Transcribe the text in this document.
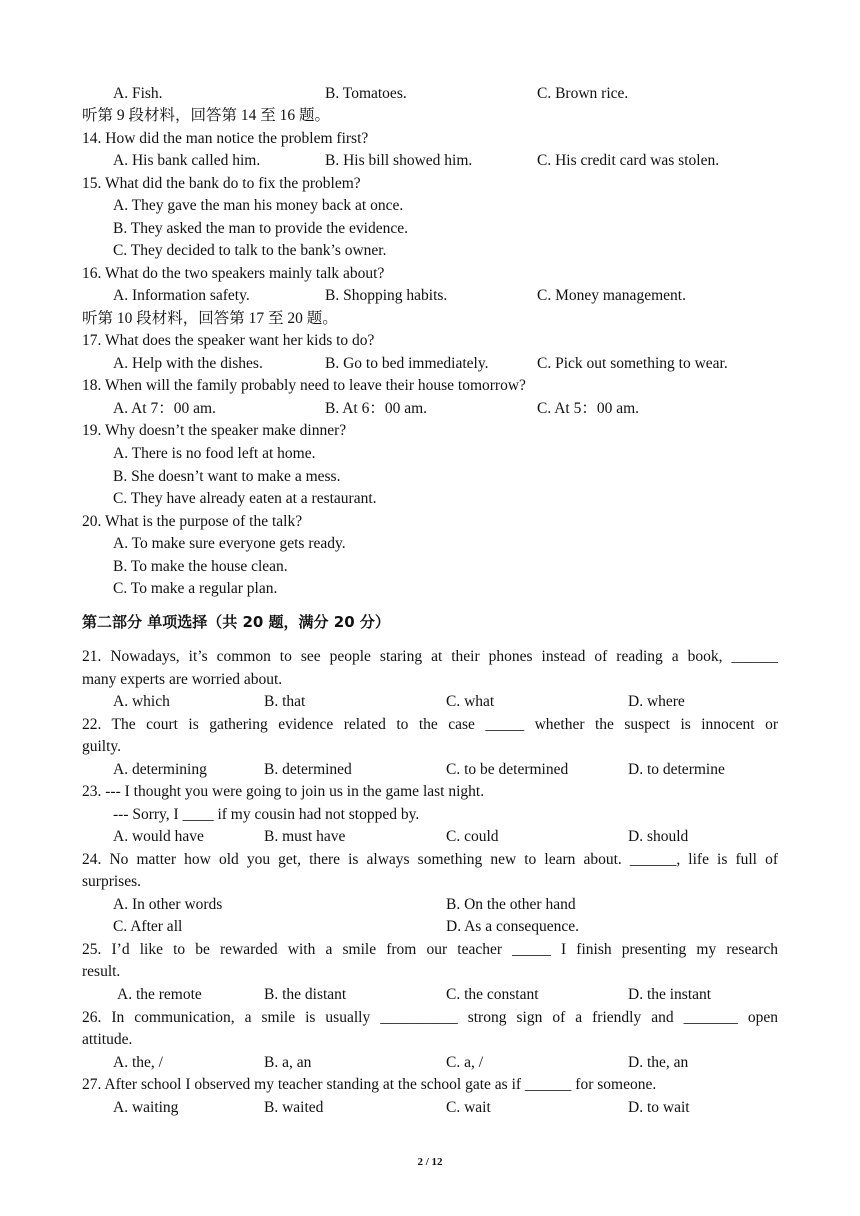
A. Fish.	B. Tomatoes.	C. Brown rice.
听第 9 段材料，回答第 14 至 16 题。
14. How did the man notice the problem first?
A. His bank called him.	B. His bill showed him.	C. His credit card was stolen.
15. What did the bank do to fix the problem?
A. They gave the man his money back at once.
B. They asked the man to provide the evidence.
C. They decided to talk to the bank’s owner.
16. What do the two speakers mainly talk about?
A. Information safety.	B. Shopping habits.	C. Money management.
听第 10 段材料，回答第 17 至 20 题。
17. What does the speaker want her kids to do?
A. Help with the dishes.	B. Go to bed immediately.	C. Pick out something to wear.
18. When will the family probably need to leave their house tomorrow?
A. At 7：00 am.	B. At 6：00 am.	C. At 5：00 am.
19. Why doesn’t the speaker make dinner?
A. There is no food left at home.
B. She doesn’t want to make a mess.
C. They have already eaten at a restaurant.
20. What is the purpose of the talk?
A. To make sure everyone gets ready.
B. To make the house clean.
C. To make a regular plan.
第二部分 单项选择（共 20 题，满分 20 分）
21. Nowadays, it’s common to see people staring at their phones instead of reading a book, ______
many experts are worried about.
A. which	B. that	C. what	D. where
22. The court is gathering evidence related to the case _____ whether the suspect is innocent or
guilty.
A. determining	B. determined	C. to be determined	D. to determine
23. --- I thought you were going to join us in the game last night.
--- Sorry, I ____ if my cousin had not stopped by.
A. would have	B. must have	C. could	D. should
24. No matter how old you get, there is always something new to learn about. ______, life is full of
surprises.
A. In other words	B. On the other hand
C. After all	D. As a consequence.
25. I’d like to be rewarded with a smile from our teacher _____ I finish presenting my research
result.
A. the remote	B. the distant	C. the constant	D. the instant
26. In communication, a smile is usually __________ strong sign of a friendly and _______ open
attitude.
A. the, /	B. a, an	C. a, /	D. the, an
27. After school I observed my teacher standing at the school gate as if ______ for someone.
A. waiting	B. waited	C. wait	D. to wait
2 / 12
